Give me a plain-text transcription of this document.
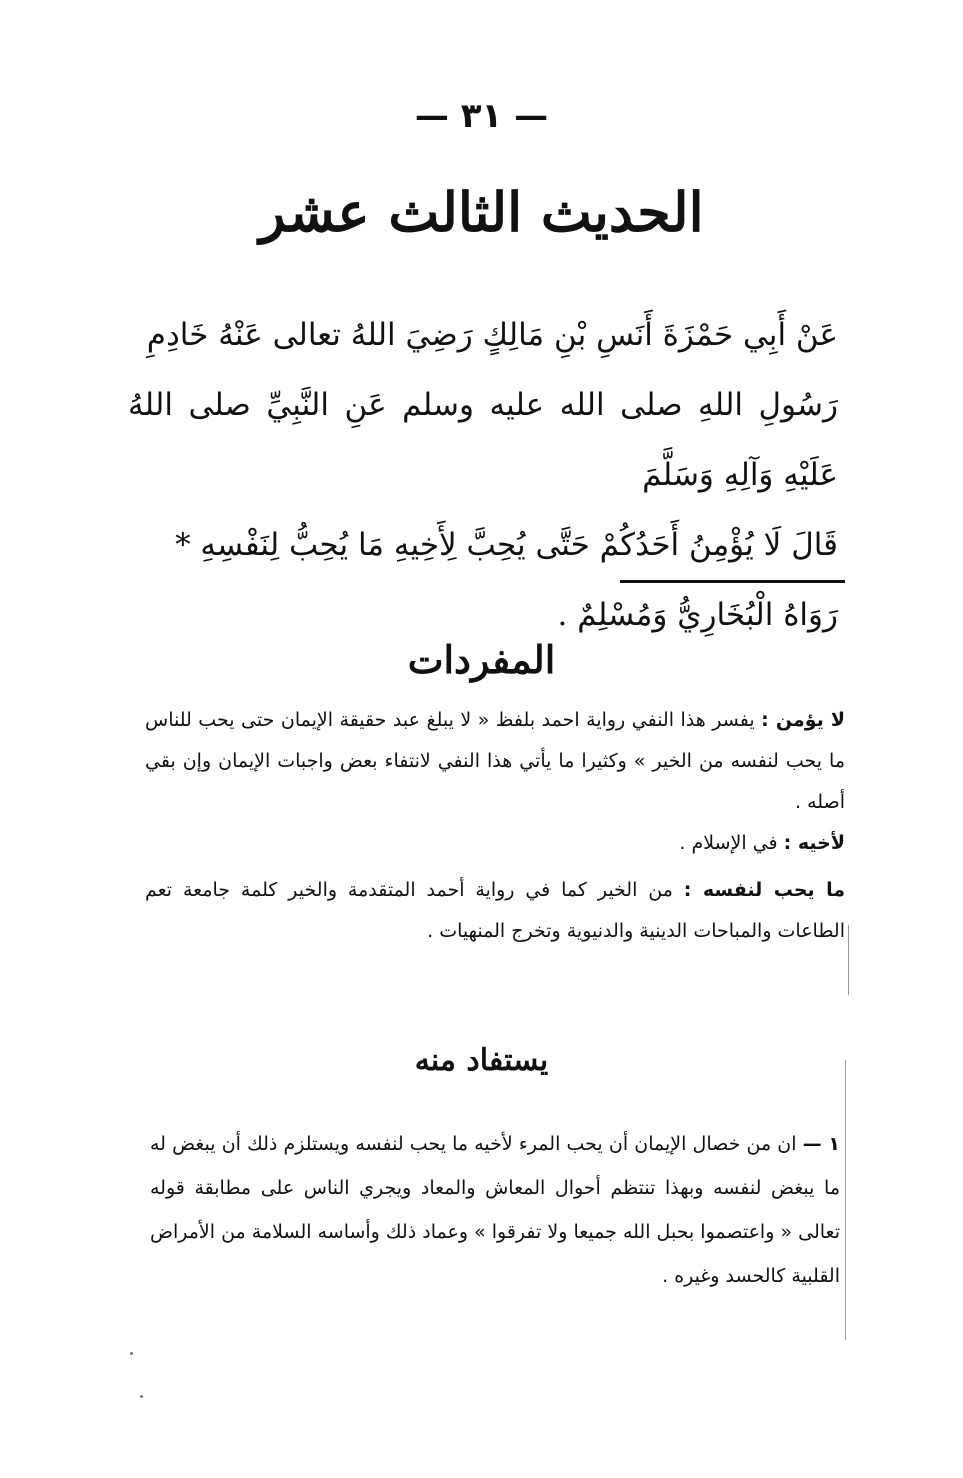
— ٣١ —
الحديث الثالث عشر

عَنْ أَبِي حَمْزَةَ أَنَسِ بْنِ مَالِكٍ رَضِيَ اللهُ تعالى عَنْهُ خَادِمِ

رَسُولِ اللهِ صلى الله عليه وسلم عَنِ النَّبِيِّ صلى اللهُ عَلَيْهِ وَآلِهِ وَسَلَّمَ

قَالَ لَا يُؤْمِنُ أَحَدُكُمْ حَتَّى يُحِبَّ لِأَخِيهِ مَا يُحِبُّ لِنَفْسِهِ *

رَوَاهُ الْبُخَارِيُّ وَمُسْلِمٌ .

المفردات

لا يؤمن : يفسر هذا النفي رواية احمد بلفظ « لا يبلغ عبد حقيقة الإيمان حتى يحب للناس ما يحب لنفسه من الخير » وكثيرا ما يأتي هذا النفي لانتفاء بعض واجبات الإيمان وإن بقي أصله .

لأخيه : في الإسلام .

ما يحب لنفسه : من الخير كما في رواية أحمد المتقدمة والخير كلمة جامعة تعم الطاعات والمباحات الدينية والدنيوية وتخرج المنهيات .

يستفاد منه

١ — ان من خصال الإيمان أن يحب المرء لأخيه ما يحب لنفسه ويستلزم ذلك أن يبغض له ما يبغض لنفسه وبهذا تنتظم أحوال المعاش والمعاد ويجري الناس على مطابقة قوله تعالى « واعتصموا بحبل الله جميعا ولا تفرقوا » وعماد ذلك وأساسه السلامة من الأمراض القلبية كالحسد وغيره .
